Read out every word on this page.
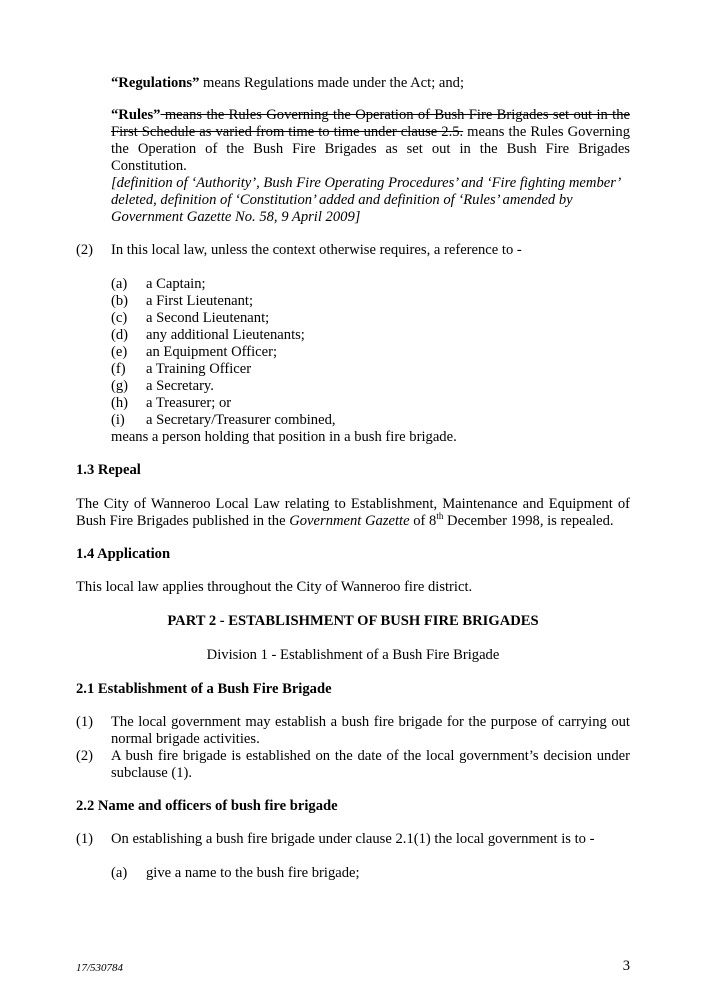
“Regulations” means Regulations made under the Act; and;

“Rules” means the Rules Governing the Operation of Bush Fire Brigades set out in the First Schedule as varied from time to time under clause 2.5. means the Rules Governing the Operation of the Bush Fire Brigades as set out in the Bush Fire Brigades Constitution.

[definition of ‘Authority’, Bush Fire Operating Procedures’ and ‘Fire fighting member’ deleted, definition of ‘Constitution’ added and definition of ‘Rules’ amended by Government Gazette No. 58, 9 April 2009]

(2) In this local law, unless the context otherwise requires, a reference to -

(a) a Captain;
(b) a First Lieutenant;
(c) a Second Lieutenant;
(d) any additional Lieutenants;
(e) an Equipment Officer;
(f) a Training Officer
(g) a Secretary.
(h) a Treasurer; or
(i) a Secretary/Treasurer combined,

means a person holding that position in a bush fire brigade.

1.3 Repeal

The City of Wanneroo Local Law relating to Establishment, Maintenance and Equipment of Bush Fire Brigades published in the Government Gazette of 8th December 1998, is repealed.

1.4 Application

This local law applies throughout the City of Wanneroo fire district.

PART 2 - ESTABLISHMENT OF BUSH FIRE BRIGADES

Division 1 - Establishment of a Bush Fire Brigade

2.1 Establishment of a Bush Fire Brigade
(1) The local government may establish a bush fire brigade for the purpose of carrying out normal brigade activities.

(2) A bush fire brigade is established on the date of the local government’s decision under subclause (1).

2.2 Name and officers of bush fire brigade
(1) On establishing a bush fire brigade under clause 2.1(1) the local government is to -

(a) give a name to the bush fire brigade;
17/530784	3
